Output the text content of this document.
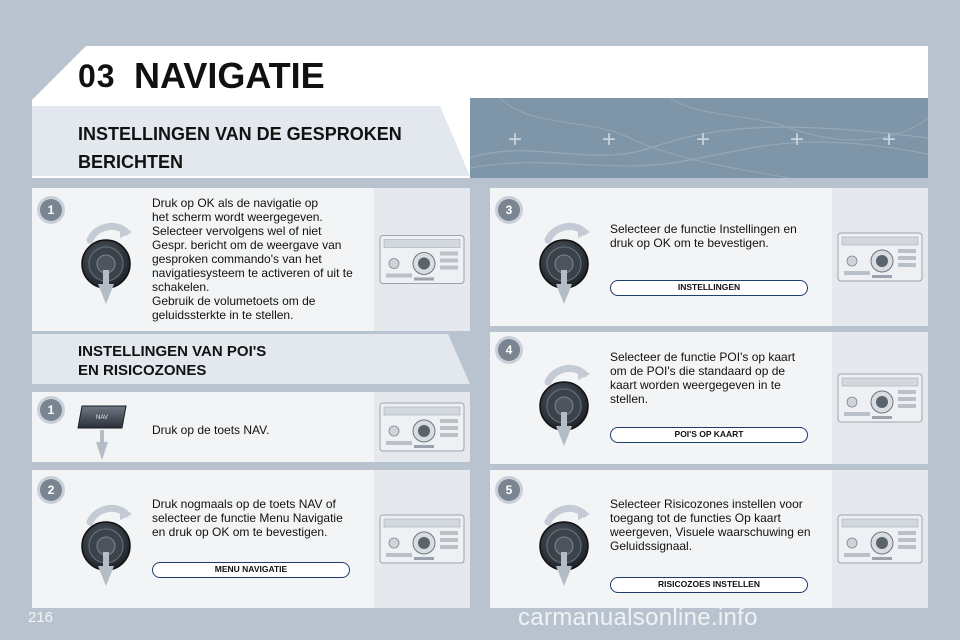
+	+	+	+	+
03 NAVIGATIE
INSTELLINGEN VAN DE GESPROKEN
BERICHTEN
INSTELLINGEN VAN POI'S
EN RISICOZONES
1	Druk op OK als de navigatie op
het scherm wordt weergegeven.
Selecteer vervolgens wel of niet
Gespr. bericht om de weergave van
gesproken commando's van het
navigatiesysteem te activeren of uit te
schakelen.
Gebruik de volumetoets om de
geluidssterkte in te stellen.
1
NAV
Druk op de toets NAV.
2
Druk nogmaals op de toets NAV of
selecteer de functie Menu Navigatie
en druk op OK om te bevestigen.
MENU NAVIGATIE
3
Selecteer de functie Instellingen en
druk op OK om te bevestigen.
INSTELLINGEN
4	Selecteer de functie POI's op kaart
om de POI's die standaard op de
kaart worden weergegeven in te
stellen.
POI'S OP KAART
5
Selecteer Risicozones instellen voor
toegang tot de functies Op kaart
weergeven, Visuele waarschuwing en
Geluidssignaal.
RISICOZOES INSTELLEN
216	carmanualsonline.info
